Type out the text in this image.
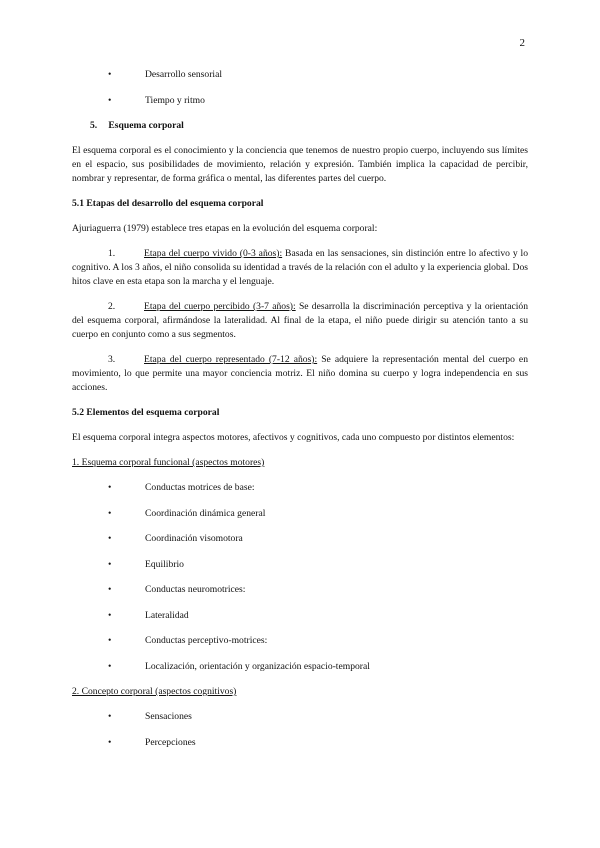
2
•	Desarrollo sensorial
•	Tiempo y ritmo
5. Esquema corporal

El esquema corporal es el conocimiento y la conciencia que tenemos de nuestro propio cuerpo, incluyendo sus límites en el espacio, sus posibilidades de movimiento, relación y expresión. También implica la capacidad de percibir, nombrar y representar, de forma gráfica o mental, las diferentes partes del cuerpo.

5.1 Etapas del desarrollo del esquema corporal

Ajuriaguerra (1979) establece tres etapas en la evolución del esquema corporal:

1.	Etapa del cuerpo vivido (0-3 años): Basada en las sensaciones, sin distinción entre lo afectivo y lo cognitivo. A los 3 años, el niño consolida su identidad a través de la relación con el adulto y la experiencia global. Dos hitos clave en esta etapa son la marcha y el lenguaje.

2.	Etapa del cuerpo percibido (3-7 años): Se desarrolla la discriminación perceptiva y la orientación del esquema corporal, afirmándose la lateralidad. Al final de la etapa, el niño puede dirigir su atención tanto a su cuerpo en conjunto como a sus segmentos.

3.	Etapa del cuerpo representado (7-12 años): Se adquiere la representación mental del cuerpo en movimiento, lo que permite una mayor conciencia motriz. El niño domina su cuerpo y logra independencia en sus acciones.

5.2 Elementos del esquema corporal

El esquema corporal integra aspectos motores, afectivos y cognitivos, cada uno compuesto por distintos elementos:

1. Esquema corporal funcional (aspectos motores)
•	Conductas motrices de base:
•	Coordinación dinámica general
•	Coordinación visomotora
•	Equilibrio
•	Conductas neuromotrices:
•	Lateralidad
•	Conductas perceptivo-motrices:
•	Localización, orientación y organización espacio-temporal
2. Concepto corporal (aspectos cognitivos)
•	Sensaciones
•	Percepciones
